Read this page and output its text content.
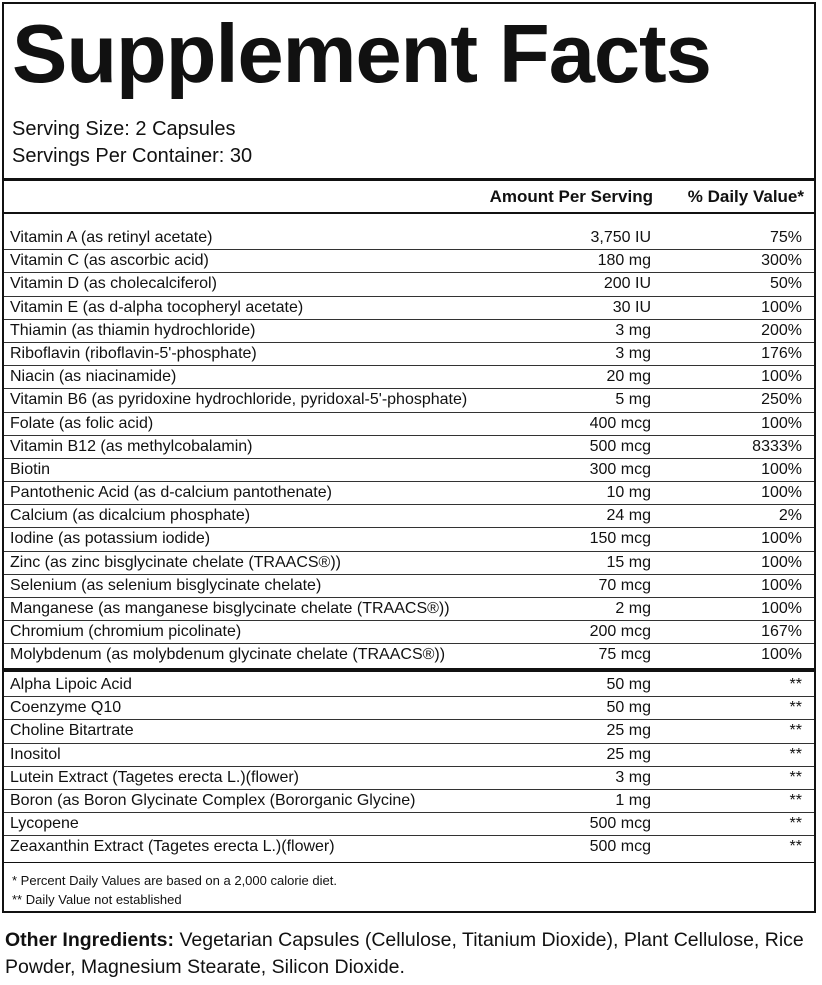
Supplement Facts
Serving Size: 2 Capsules
Servings Per Container: 30
Amount Per Serving % Daily Value*
Vitamin A (as retinyl acetate)	3,750 IU	75%
Vitamin C (as ascorbic acid)	180 mg	300%
Vitamin D (as cholecalciferol)	200 IU	50%
Vitamin E (as d-alpha tocopheryl acetate)	30 IU	100%
Thiamin (as thiamin hydrochloride)	3 mg	200%
Riboflavin (riboflavin-5'-phosphate)	3 mg	176%
Niacin (as niacinamide)	20 mg	100%
Vitamin B6 (as pyridoxine hydrochloride, pyridoxal-5'-phosphate)	5 mg	250%
Folate (as folic acid)	400 mcg	100%
Vitamin B12 (as methylcobalamin)	500 mcg	8333%
Biotin	300 mcg	100%
Pantothenic Acid (as d-calcium pantothenate)	10 mg	100%
Calcium (as dicalcium phosphate)	24 mg	2%
Iodine (as potassium iodide)	150 mcg	100%
Zinc (as zinc bisglycinate chelate (TRAACS®))	15 mg	100%
Selenium (as selenium bisglycinate chelate)	70 mcg	100%
Manganese (as manganese bisglycinate chelate (TRAACS®))	2 mg	100%
Chromium (chromium picolinate)	200 mcg	167%
Molybdenum (as molybdenum glycinate chelate (TRAACS®))	75 mcg	100%
Alpha Lipoic Acid	50 mg	**
Coenzyme Q10	50 mg	**
Choline Bitartrate	25 mg	**
Inositol	25 mg	**
Lutein Extract (Tagetes erecta L.)(flower)	3 mg	**
Boron (as Boron Glycinate Complex (Bororganic Glycine)	1 mg	**
Lycopene	500 mcg	**
Zeaxanthin Extract (Tagetes erecta L.)(flower)	500 mcg	**
* Percent Daily Values are based on a 2,000 calorie diet.
** Daily Value not established
Other Ingredients: Vegetarian Capsules (Cellulose, Titanium Dioxide), Plant Cellulose, Rice Powder, Magnesium Stearate, Silicon Dioxide.
